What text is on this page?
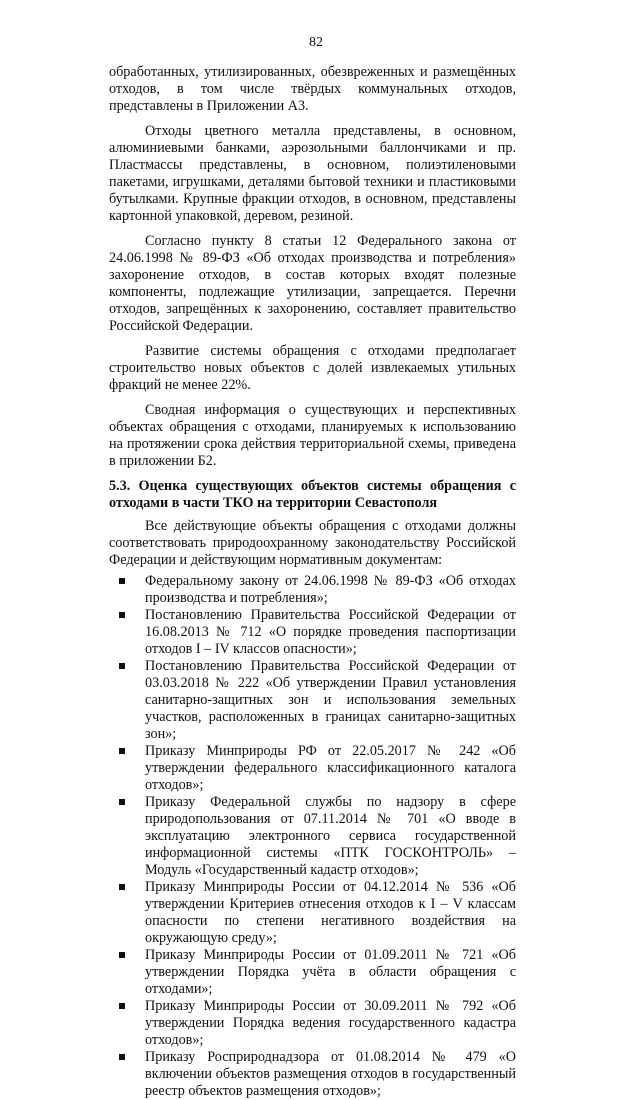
82

обработанных, утилизированных, обезвреженных и размещённых отходов, в том числе твёрдых коммунальных отходов, представлены в Приложении А3.

Отходы цветного металла представлены, в основном, алюминиевыми банками, аэрозольными баллончиками и пр. Пластмассы представлены, в основном, полиэтиленовыми пакетами, игрушками, деталями бытовой техники и пластиковыми бутылками. Крупные фракции отходов, в основном, представлены картонной упаковкой, деревом, резиной.

Согласно пункту 8 статьи 12 Федерального закона от 24.06.1998 № 89-ФЗ «Об отходах производства и потребления» захоронение отходов, в состав которых входят полезные компоненты, подлежащие утилизации, запрещается. Перечни отходов, запрещённых к захоронению, составляет правительство Российской Федерации.

Развитие системы обращения с отходами предполагает строительство новых объектов с долей извлекаемых утильных фракций не менее 22%.

Сводная информация о существующих и перспективных объектах обращения с отходами, планируемых к использованию на протяжении срока действия территориальной схемы, приведена в приложении Б2.

5.3. Оценка существующих объектов системы обращения с отходами в части ТКО на территории Севастополя

Все действующие объекты обращения с отходами должны соответствовать природоохранному законодательству Российской Федерации и действующим нормативным документам:

Федеральному закону от 24.06.1998 № 89-ФЗ «Об отходах производства и потребления»;
Постановлению Правительства Российской Федерации от 16.08.2013 № 712 «О порядке проведения паспортизации отходов I – IV классов опасности»;
Постановлению Правительства Российской Федерации от 03.03.2018 № 222 «Об утверждении Правил установления санитарно-защитных зон и использования земельных участков, расположенных в границах санитарно-защитных зон»;
Приказу Минприроды РФ от 22.05.2017 № 242 «Об утверждении федерального классификационного каталога отходов»;
Приказу Федеральной службы по надзору в сфере природопользования от 07.11.2014 № 701 «О вводе в эксплуатацию электронного сервиса государственной информационной системы «ПТК ГОСКОНТРОЛЬ» – Модуль «Государственный кадастр отходов»;
Приказу Минприроды России от 04.12.2014 № 536 «Об утверждении Критериев отнесения отходов к I – V классам опасности по степени негативного воздействия на окружающую среду»;
Приказу Минприроды России от 01.09.2011 № 721 «Об утверждении Порядка учёта в области обращения с отходами»;
Приказу Минприроды России от 30.09.2011 № 792 «Об утверждении Порядка ведения государственного кадастра отходов»;
Приказу Росприроднадзора от 01.08.2014 № 479 «О включении объектов размещения отходов в государственный реестр объектов размещения отходов»;
